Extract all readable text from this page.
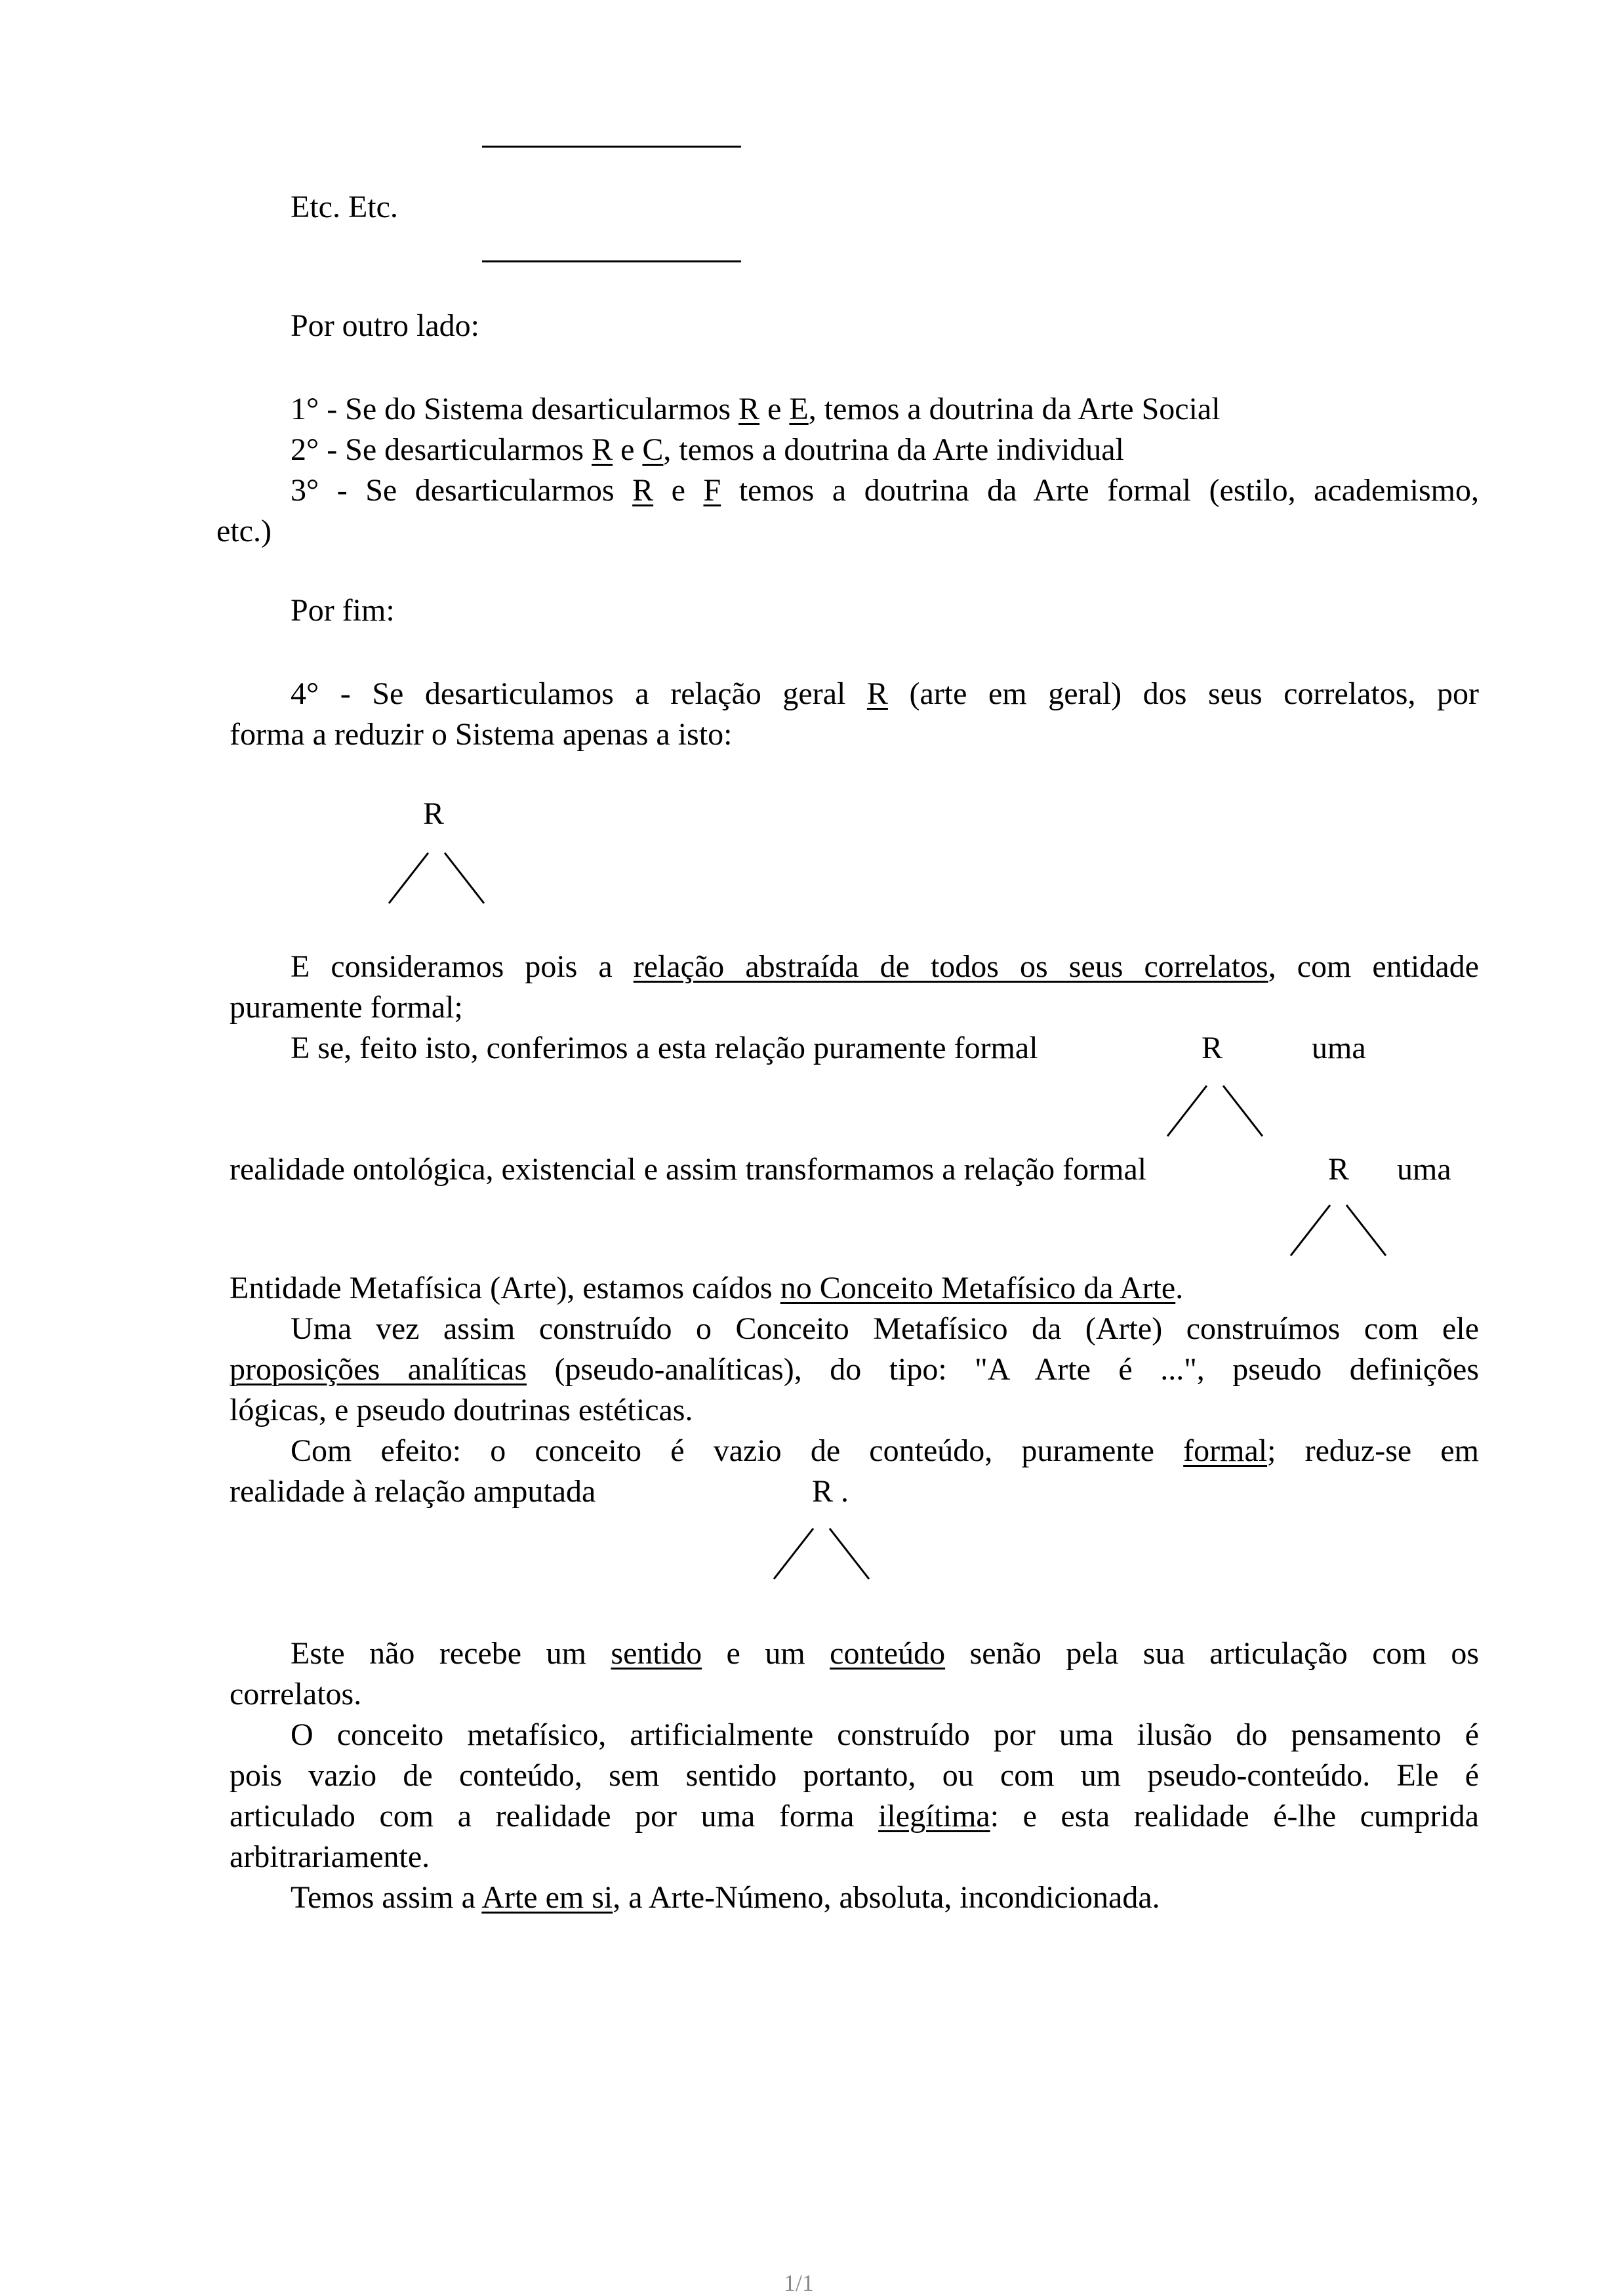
Etc. Etc.
Por outro lado:
1° - Se do Sistema desarticularmos R e E, temos a doutrina da Arte Social
2° - Se desarticularmos R e C, temos a doutrina da Arte individual
3° - Se desarticularmos R e F temos a doutrina da Arte formal (estilo, academismo,
etc.)
Por fim:
4° - Se desarticulamos a relação geral R (arte em geral) dos seus correlatos, por
forma a reduzir o Sistema apenas a isto:
R
E consideramos pois a relação abstraída de todos os seus correlatos, com entidade
puramente formal;
E se, feito isto, conferimos a esta relação puramente formal	R	uma
realidade ontológica, existencial e assim transformamos a relação formal	R uma
Entidade Metafísica (Arte), estamos caídos no Conceito Metafísico da Arte.
Uma vez assim construído o Conceito Metafísico da (Arte) construímos com ele
proposições analíticas (pseudo-analíticas), do tipo: "A Arte é ...", pseudo definições
lógicas, e pseudo doutrinas estéticas.
Com efeito: o conceito é vazio de conteúdo, puramente formal; reduz-se em
realidade à relação amputada	R .
Este não recebe um sentido e um conteúdo senão pela sua articulação com os
correlatos.
O conceito metafísico, artificialmente construído por uma ilusão do pensamento é
pois vazio de conteúdo, sem sentido portanto, ou com um pseudo-conteúdo. Ele é
articulado com a realidade por uma forma ilegítima: e esta realidade é-lhe cumprida
arbitrariamente.
Temos assim a Arte em si, a Arte-Númeno, absoluta, incondicionada.
1/1
